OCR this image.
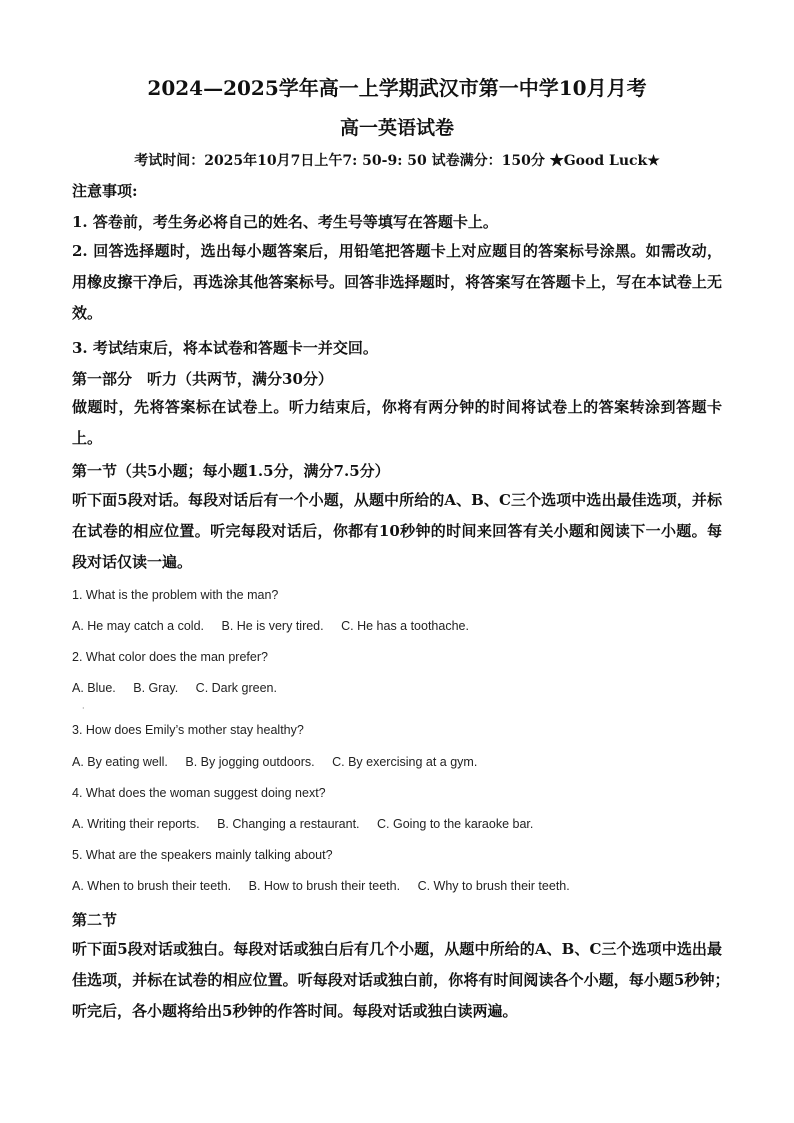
2024—2025学年高一上学期武汉市第一中学10月月考
高一英语试卷
考试时间：2025年10月7日上午7: 50-9: 50 试卷满分：150分 ★Good Luck★

注意事项:

1. 答卷前，考生务必将自己的姓名、考生号等填写在答题卡上。

2. 回答选择题时，选出每小题答案后，用铅笔把答题卡上对应题目的答案标号涂黑。如需改动，用橡皮擦干净后，再选涂其他答案标号。回答非选择题时，将答案写在答题卡上，写在本试卷上无效。

3. 考试结束后，将本试卷和答题卡一并交回。

第一部分　听力（共两节，满分30分）

做题时，先将答案标在试卷上。听力结束后，你将有两分钟的时间将试卷上的答案转涂到答题卡上。

第一节（共5小题；每小题1.5分，满分7.5分）

听下面5段对话。每段对话后有一个小题，从题中所给的A、B、C三个选项中选出最佳选项，并标在试卷的相应位置。听完每段对话后，你都有10秒钟的时间来回答有关小题和阅读下一小题。每段对话仅读一遍。

1. What is the problem with the man?

A. He may catch a cold. B. He is very tired. C. He has a toothache.

2. What color does the man prefer?

A. Blue. B. Gray. C. Dark green.

·

3. How does Emily’s mother stay healthy?

A. By eating well. B. By jogging outdoors. C. By exercising at a gym.

4. What does the woman suggest doing next?

A. Writing their reports. B. Changing a restaurant. C. Going to the karaoke bar.

5. What are the speakers mainly talking about?

A. When to brush their teeth. B. How to brush their teeth. C. Why to brush their teeth.

第二节

听下面5段对话或独白。每段对话或独白后有几个小题，从题中所给的A、B、C三个选项中选出最佳选项，并标在试卷的相应位置。听每段对话或独白前，你将有时间阅读各个小题，每小题5秒钟；　听完后，各小题将给出5秒钟的作答时间。每段对话或独白读两遍。
